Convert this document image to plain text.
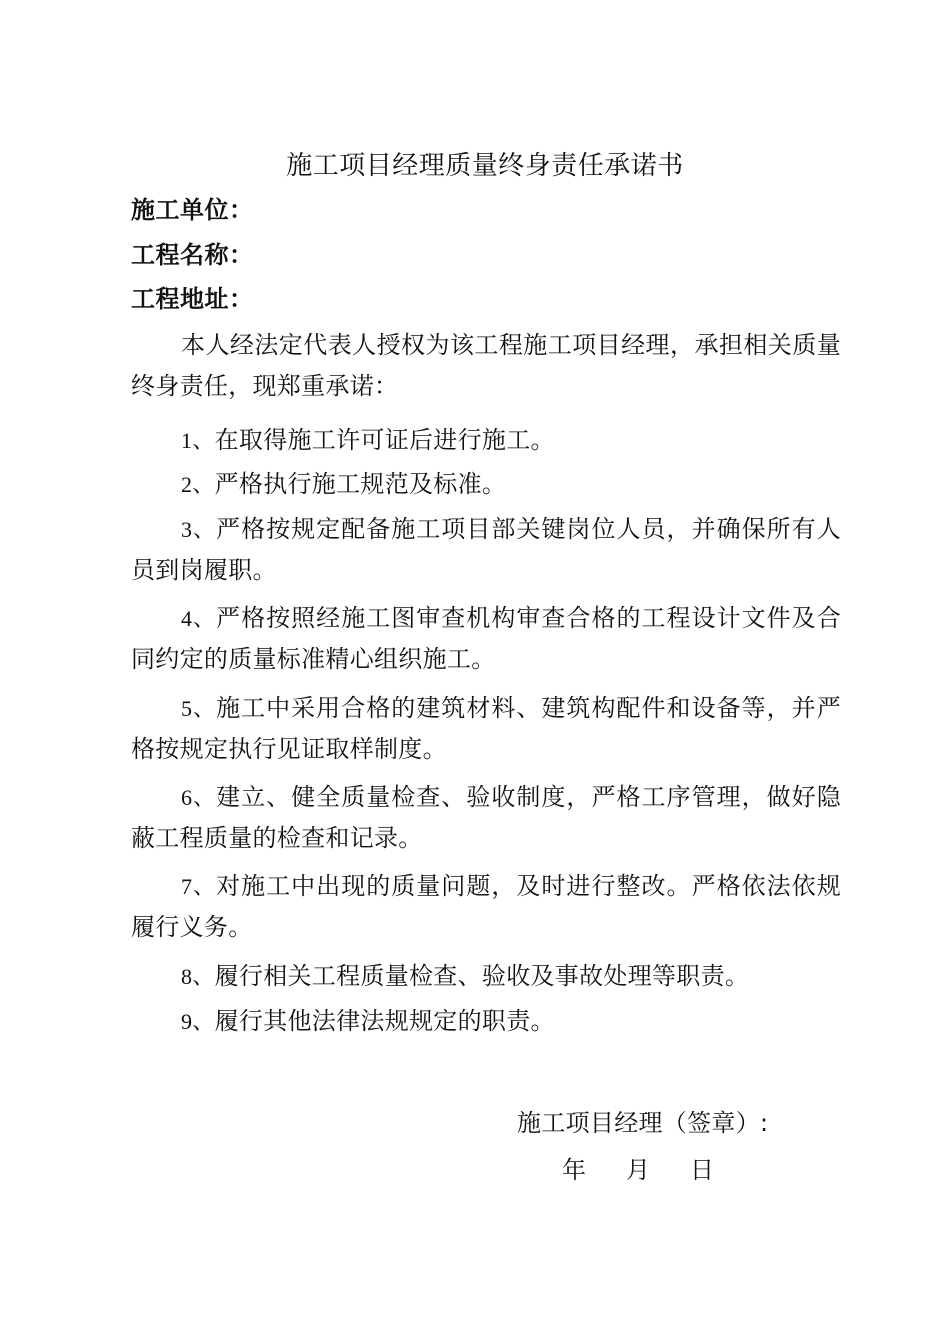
施工项目经理质量终身责任承诺书
施工单位：
工程名称：
工程地址：

本人经法定代表人授权为该工程施工项目经理，承担相关质量终身责任，现郑重承诺：

1、在取得施工许可证后进行施工。

2、严格执行施工规范及标准。

3、严格按规定配备施工项目部关键岗位人员，并确保所有人员到岗履职。

4、严格按照经施工图审查机构审查合格的工程设计文件及合同约定的质量标准精心组织施工。

5、施工中采用合格的建筑材料、建筑构配件和设备等，并严格按规定执行见证取样制度。

6、建立、健全质量检查、验收制度，严格工序管理，做好隐蔽工程质量的检查和记录。

7、对施工中出现的质量问题，及时进行整改。严格依法依规履行义务。

8、履行相关工程质量检查、验收及事故处理等职责。

9、履行其他法律法规规定的职责。

施工项目经理（签章）:
年 月 日
